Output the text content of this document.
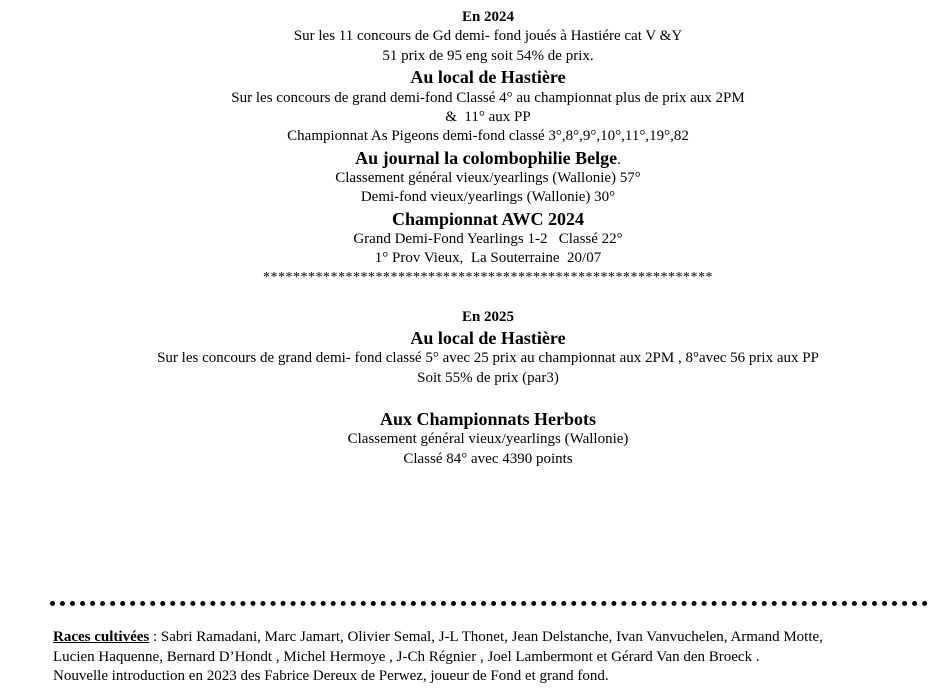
En 2024
Sur les 11 concours de Gd demi- fond joués à Hastiére cat V &Y
51 prix de 95 eng soit 54% de prix.
Au local de Hastière
Sur les concours de grand demi-fond Classé 4° au championnat plus de prix aux 2PM
&  11° aux PP
Championnat As Pigeons demi-fond classé 3°,8°,9°,10°,11°,19°,82
Au journal la colombophilie Belge.
Classement général vieux/yearlings (Wallonie) 57°
Demi-fond vieux/yearlings (Wallonie) 30°
Championnat AWC 2024
Grand Demi-Fond Yearlings 1-2   Classé 22°
1° Prov Vieux,  La Souterraine  20/07
************************************************************
En 2025
Au local de Hastière
Sur les concours de grand demi- fond classé 5° avec 25 prix au championnat aux 2PM , 8°avec 56 prix aux PP
Soit 55% de prix (par3)
Aux Championnats Herbots
Classement général vieux/yearlings (Wallonie)
Classé 84° avec 4390 points
Races cultivées : Sabri Ramadani, Marc Jamart, Olivier Semal, J-L Thonet, Jean Delstanche, Ivan Vanvuchelen, Armand Motte,
Lucien Haquenne, Bernard D’Hondt , Michel Hermoye , J-Ch Régnier , Joel Lambermont et Gérard Van den Broeck .
Nouvelle introduction en 2023 des Fabrice Dereux de Perwez, joueur de Fond et grand fond.
